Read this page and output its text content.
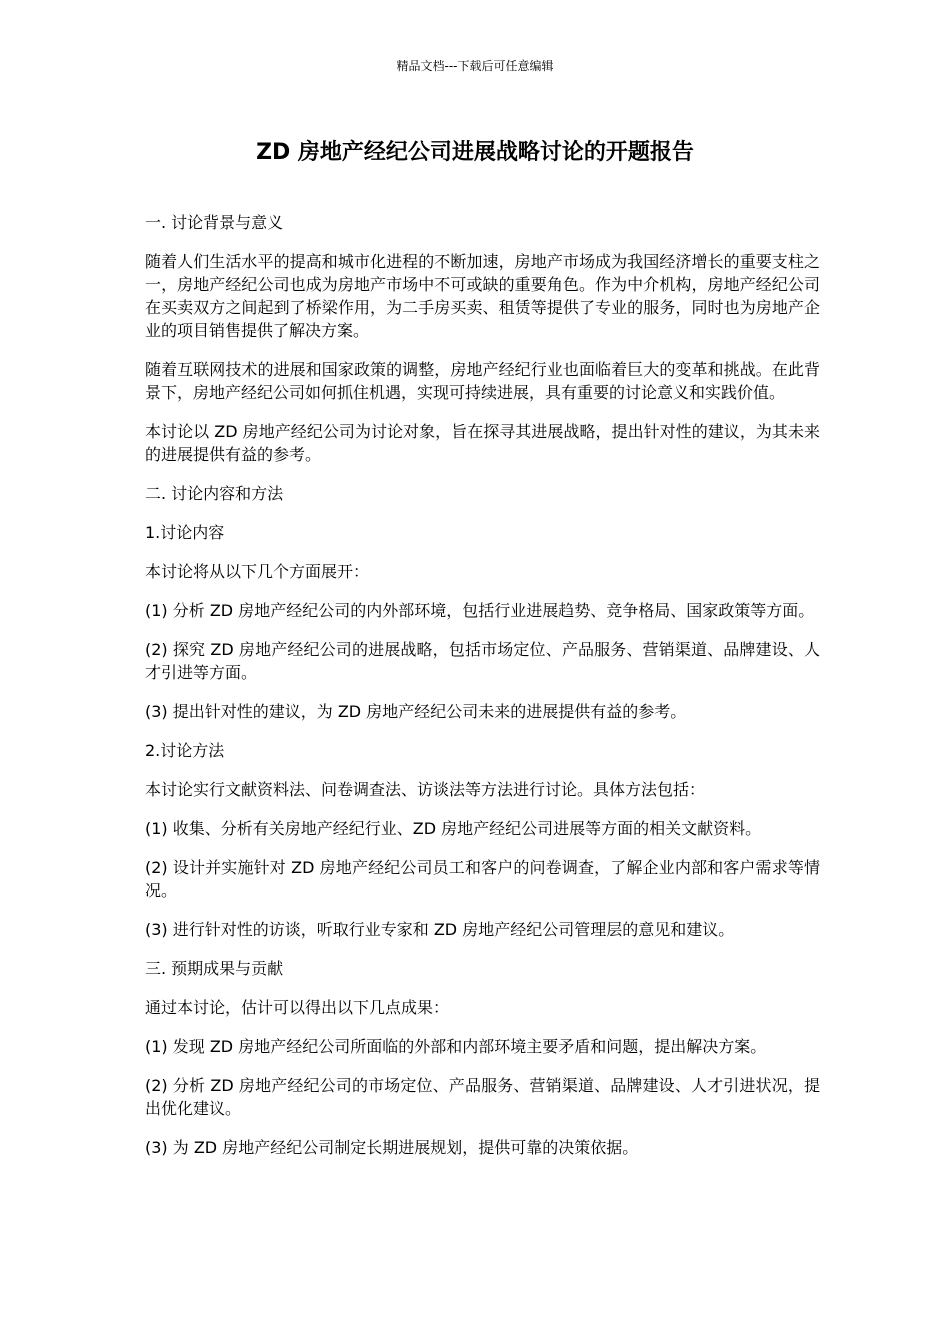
精品文档---下载后可任意编辑
ZD 房地产经纪公司进展战略讨论的开题报告

一. 讨论背景与意义

随着人们生活水平的提高和城市化进程的不断加速，房地产市场成为我国经济增长的重要支柱之一，房地产经纪公司也成为房地产市场中不可或缺的重要角色。作为中介机构，房地产经纪公司在买卖双方之间起到了桥梁作用，为二手房买卖、租赁等提供了专业的服务，同时也为房地产企业的项目销售提供了解决方案。

随着互联网技术的进展和国家政策的调整，房地产经纪行业也面临着巨大的变革和挑战。在此背景下，房地产经纪公司如何抓住机遇，实现可持续进展，具有重要的讨论意义和实践价值。

本讨论以 ZD 房地产经纪公司为讨论对象，旨在探寻其进展战略，提出针对性的建议，为其未来的进展提供有益的参考。

二. 讨论内容和方法

1.讨论内容

本讨论将从以下几个方面展开：

(1) 分析 ZD 房地产经纪公司的内外部环境，包括行业进展趋势、竞争格局、国家政策等方面。

(2) 探究 ZD 房地产经纪公司的进展战略，包括市场定位、产品服务、营销渠道、品牌建设、人才引进等方面。

(3) 提出针对性的建议，为 ZD 房地产经纪公司未来的进展提供有益的参考。

2.讨论方法

本讨论实行文献资料法、问卷调查法、访谈法等方法进行讨论。具体方法包括：

(1) 收集、分析有关房地产经纪行业、ZD 房地产经纪公司进展等方面的相关文献资料。

(2) 设计并实施针对 ZD 房地产经纪公司员工和客户的问卷调查，了解企业内部和客户需求等情况。

(3) 进行针对性的访谈，听取行业专家和 ZD 房地产经纪公司管理层的意见和建议。

三. 预期成果与贡献

通过本讨论，估计可以得出以下几点成果：

(1) 发现 ZD 房地产经纪公司所面临的外部和内部环境主要矛盾和问题，提出解决方案。

(2) 分析 ZD 房地产经纪公司的市场定位、产品服务、营销渠道、品牌建设、人才引进状况，提出优化建议。

(3) 为 ZD 房地产经纪公司制定长期进展规划，提供可靠的决策依据。
